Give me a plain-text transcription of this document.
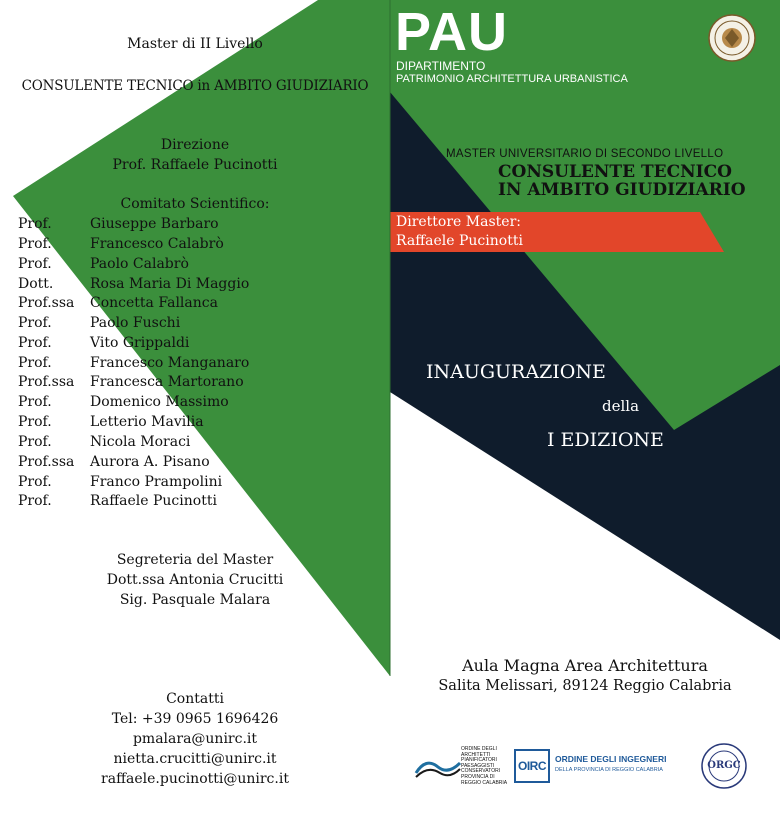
Master di II Livello
CONSULENTE TECNICO in AMBITO GIUDIZIARIO
Direzione
Prof. Raffaele Pucinotti
Comitato Scientifico:
Prof.	Giuseppe Barbaro
Prof.	Francesco Calabrò
Prof.	Paolo Calabrò
Dott.	Rosa Maria Di Maggio
Prof.ssa Concetta Fallanca
Prof.	Paolo Fuschi
Prof.	Vito Grippaldi
Prof.	Francesco Manganaro
Prof.ssa Francesca Martorano
Prof.	Domenico Massimo
Prof.	Letterio Mavilia
Prof.	Nicola Moraci
Prof.ssa Aurora A. Pisano
Prof.	Franco Prampolini
Prof.	Raffaele Pucinotti
Segreteria del Master
Dott.ssa Antonia Crucitti
Sig. Pasquale Malara
Contatti
Tel: +39 0965 1696426
pmalara@unirc.it
nietta.crucitti@unirc.it
raffaele.pucinotti@unirc.it
PAU
DIPARTIMENTO
PATRIMONIO ARCHITETTURA URBANISTICA
MASTER UNIVERSITARIO DI SECONDO LIVELLO
CONSULENTE TECNICO
IN AMBITO GIUDIZIARIO
Direttore Master:
Raffaele Pucinotti
INAUGURAZIONE
della
I EDIZIONE
venerdì 1 dicembre 2017
Aula Magna Area Architettura
Salita Melissari, 89124 Reggio Calabria
ORDINE DEGLI
ARCHITETTI
PIANIFICATORI
PAESAGGISTI
CONSERVATORI
PROVINCIA DI
REGGIO CALABRIA
OIRC	ORDINE DEGLI INGEGNERI
DELLA PROVINCIA DI REGGIO CALABRIA	ORGC
